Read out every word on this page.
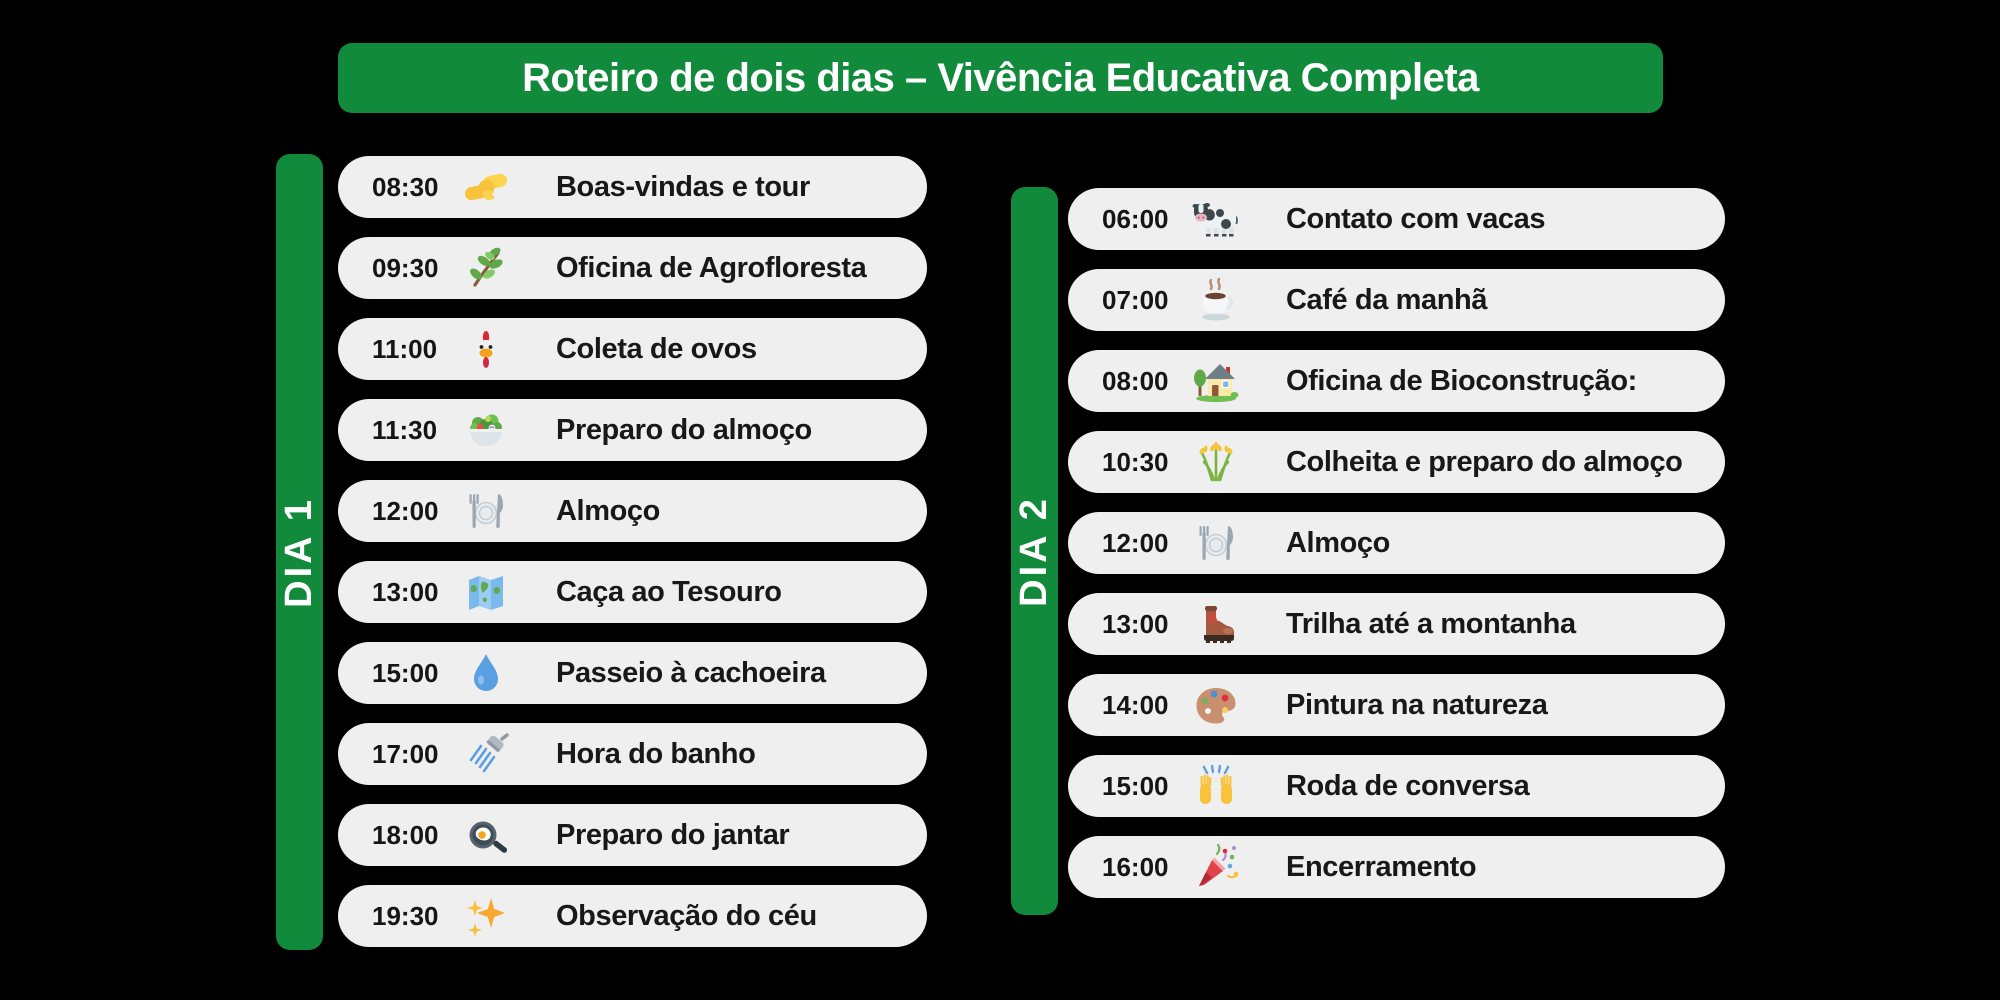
Roteiro de dois dias – Vivência Educativa Completa
DIA 1
08:30	Boas-vindas e tour
09:30	Oficina de Agrofloresta
11:00	Coleta de ovos
11:30	Preparo do almoço
12:00	Almoço
13:00	Caça ao Tesouro
15:00	Passeio à cachoeira
17:00	Hora do banho
18:00	Preparo do jantar
19:30	Observação do céu
DIA 2
06:00	Contato com vacas
07:00	Café da manhã
08:00	Oficina de Bioconstrução:
10:30	Colheita e preparo do almoço
12:00	Almoço
13:00	Trilha até a montanha
14:00	Pintura na natureza
15:00	Roda de conversa
16:00	Encerramento
